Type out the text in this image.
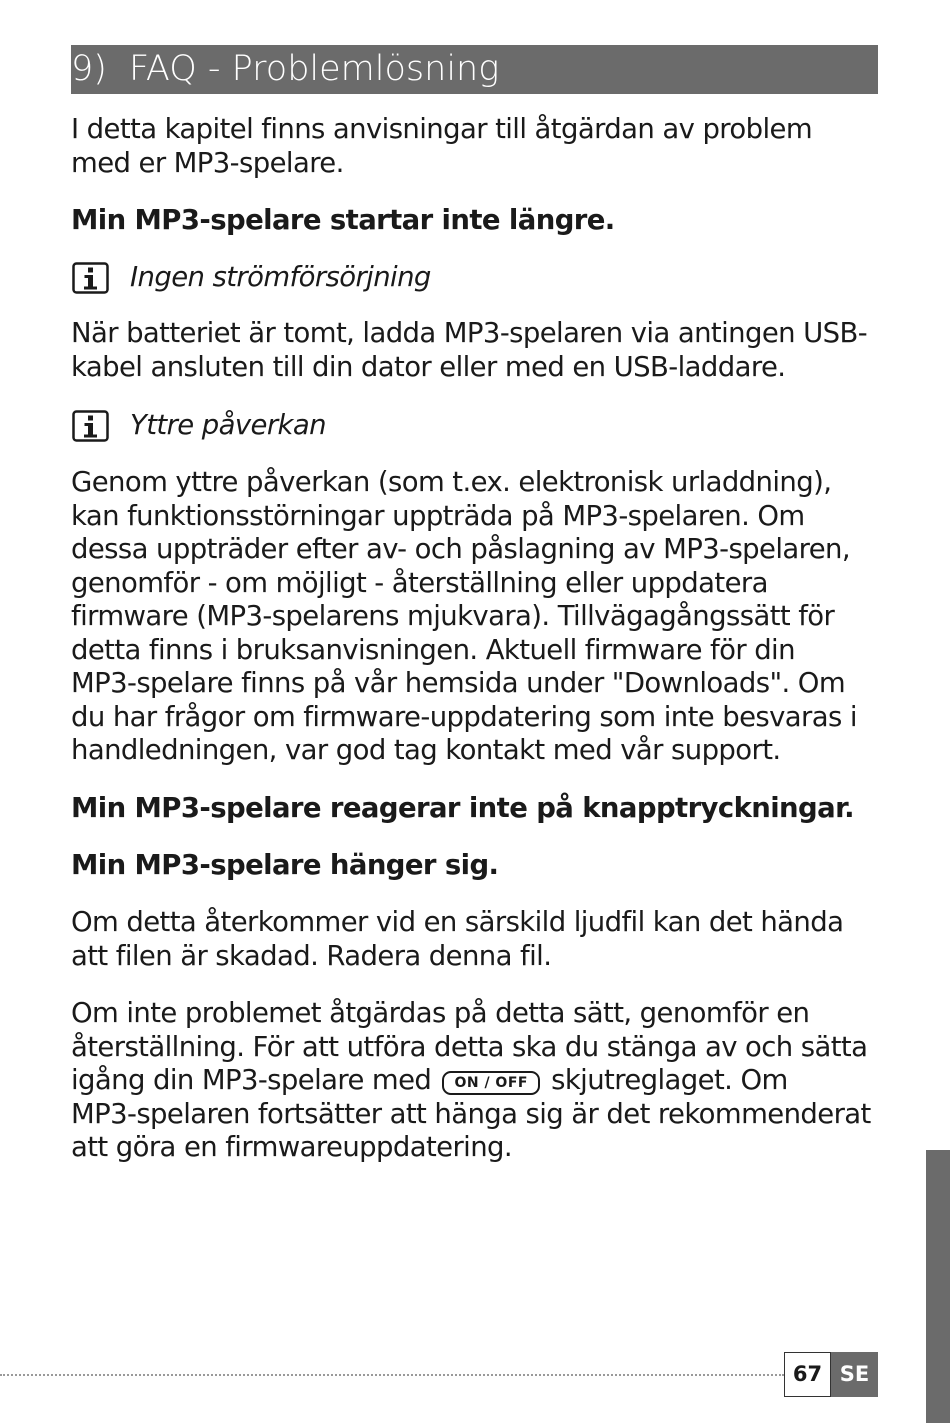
9) FAQ - Problemlösning
I detta kapitel finns anvisningar till åtgärdan av problem
med er MP3-spelare.
Min MP3-spelare startar inte längre.
Ingen strömförsörjning
När batteriet är tomt, ladda MP3-spelaren via antingen USB-
kabel ansluten till din dator eller med en USB-laddare.
Yttre påverkan
Genom yttre påverkan (som t.ex. elektronisk urladdning),
kan funktionsstörningar uppträda på MP3-spelaren. Om
dessa uppträder efter av- och påslagning av MP3-spelaren,
genomför - om möjligt - återställning eller uppdatera
firmware (MP3-spelarens mjukvara). Tillvägagångssätt för
detta finns i bruksanvisningen. Aktuell firmware för din
MP3-spelare finns på vår hemsida under "Downloads". Om
du har frågor om firmware-uppdatering som inte besvaras i
handledningen, var god tag kontakt med vår support.
Min MP3-spelare reagerar inte på knapptryckningar.
Min MP3-spelare hänger sig.
Om detta återkommer vid en särskild ljudfil kan det hända
att filen är skadad. Radera denna fil.
Om inte problemet åtgärdas på detta sätt, genomför en
återställning. För att utföra detta ska du stänga av och sätta
igång din MP3-spelare med ON / OFF skjutreglaget. Om
MP3-spelaren fortsätter att hänga sig är det rekommenderat
att göra en firmwareuppdatering.
67 SE
